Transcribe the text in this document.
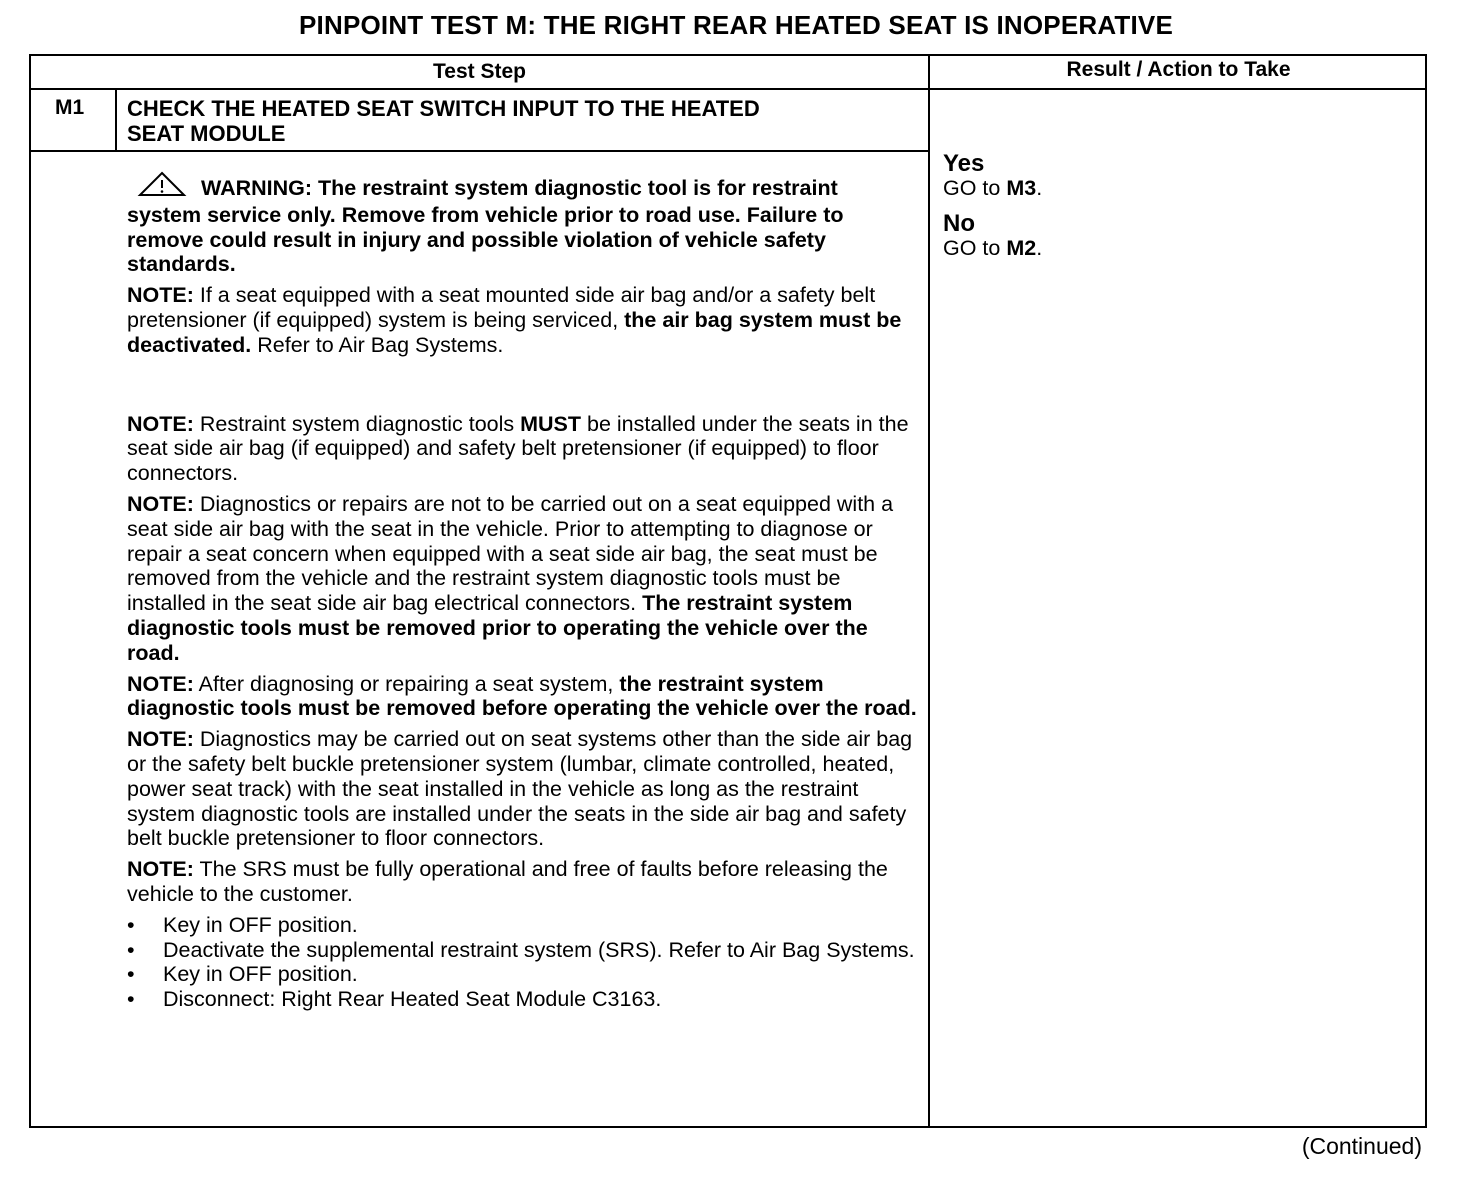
PINPOINT TEST M: THE RIGHT REAR HEATED SEAT IS INOPERATIVE
Test Step	Result / Action to Take
M1 CHECK THE HEATED SEAT SWITCH INPUT TO THE HEATED
SEAT MODULE

WARNING: The restraint system diagnostic tool is for restraint system service only. Remove from vehicle prior to road use. Failure to remove could result in injury and possible violation of vehicle safety standards.

NOTE: If a seat equipped with a seat mounted side air bag and/or a safety belt pretensioner (if equipped) system is being serviced, the air bag system must be deactivated. Refer to Air Bag Systems.

NOTE: Restraint system diagnostic tools MUST be installed under the seats in the seat side air bag (if equipped) and safety belt pretensioner (if equipped) to floor connectors.

NOTE: Diagnostics or repairs are not to be carried out on a seat equipped with a seat side air bag with the seat in the vehicle. Prior to attempting to diagnose or repair a seat concern when equipped with a seat side air bag, the seat must be removed from the vehicle and the restraint system diagnostic tools must be installed in the seat side air bag electrical connectors. The restraint system diagnostic tools must be removed prior to operating the vehicle over the road.

NOTE: After diagnosing or repairing a seat system, the restraint system diagnostic tools must be removed before operating the vehicle over the road.

NOTE: Diagnostics may be carried out on seat systems other than the side air bag or the safety belt buckle pretensioner system (lumbar, climate controlled, heated, power seat track) with the seat installed in the vehicle as long as the restraint system diagnostic tools are installed under the seats in the side air bag and safety belt buckle pretensioner to floor connectors.

NOTE: The SRS must be fully operational and free of faults before releasing the vehicle to the customer.

• Key in OFF position.
• Deactivate the supplemental restraint system (SRS). Refer to Air Bag Systems.
• Key in OFF position.
• Disconnect: Right Rear Heated Seat Module C3163.
Yes
GO to M3.
No
GO to M2.
(Continued)
